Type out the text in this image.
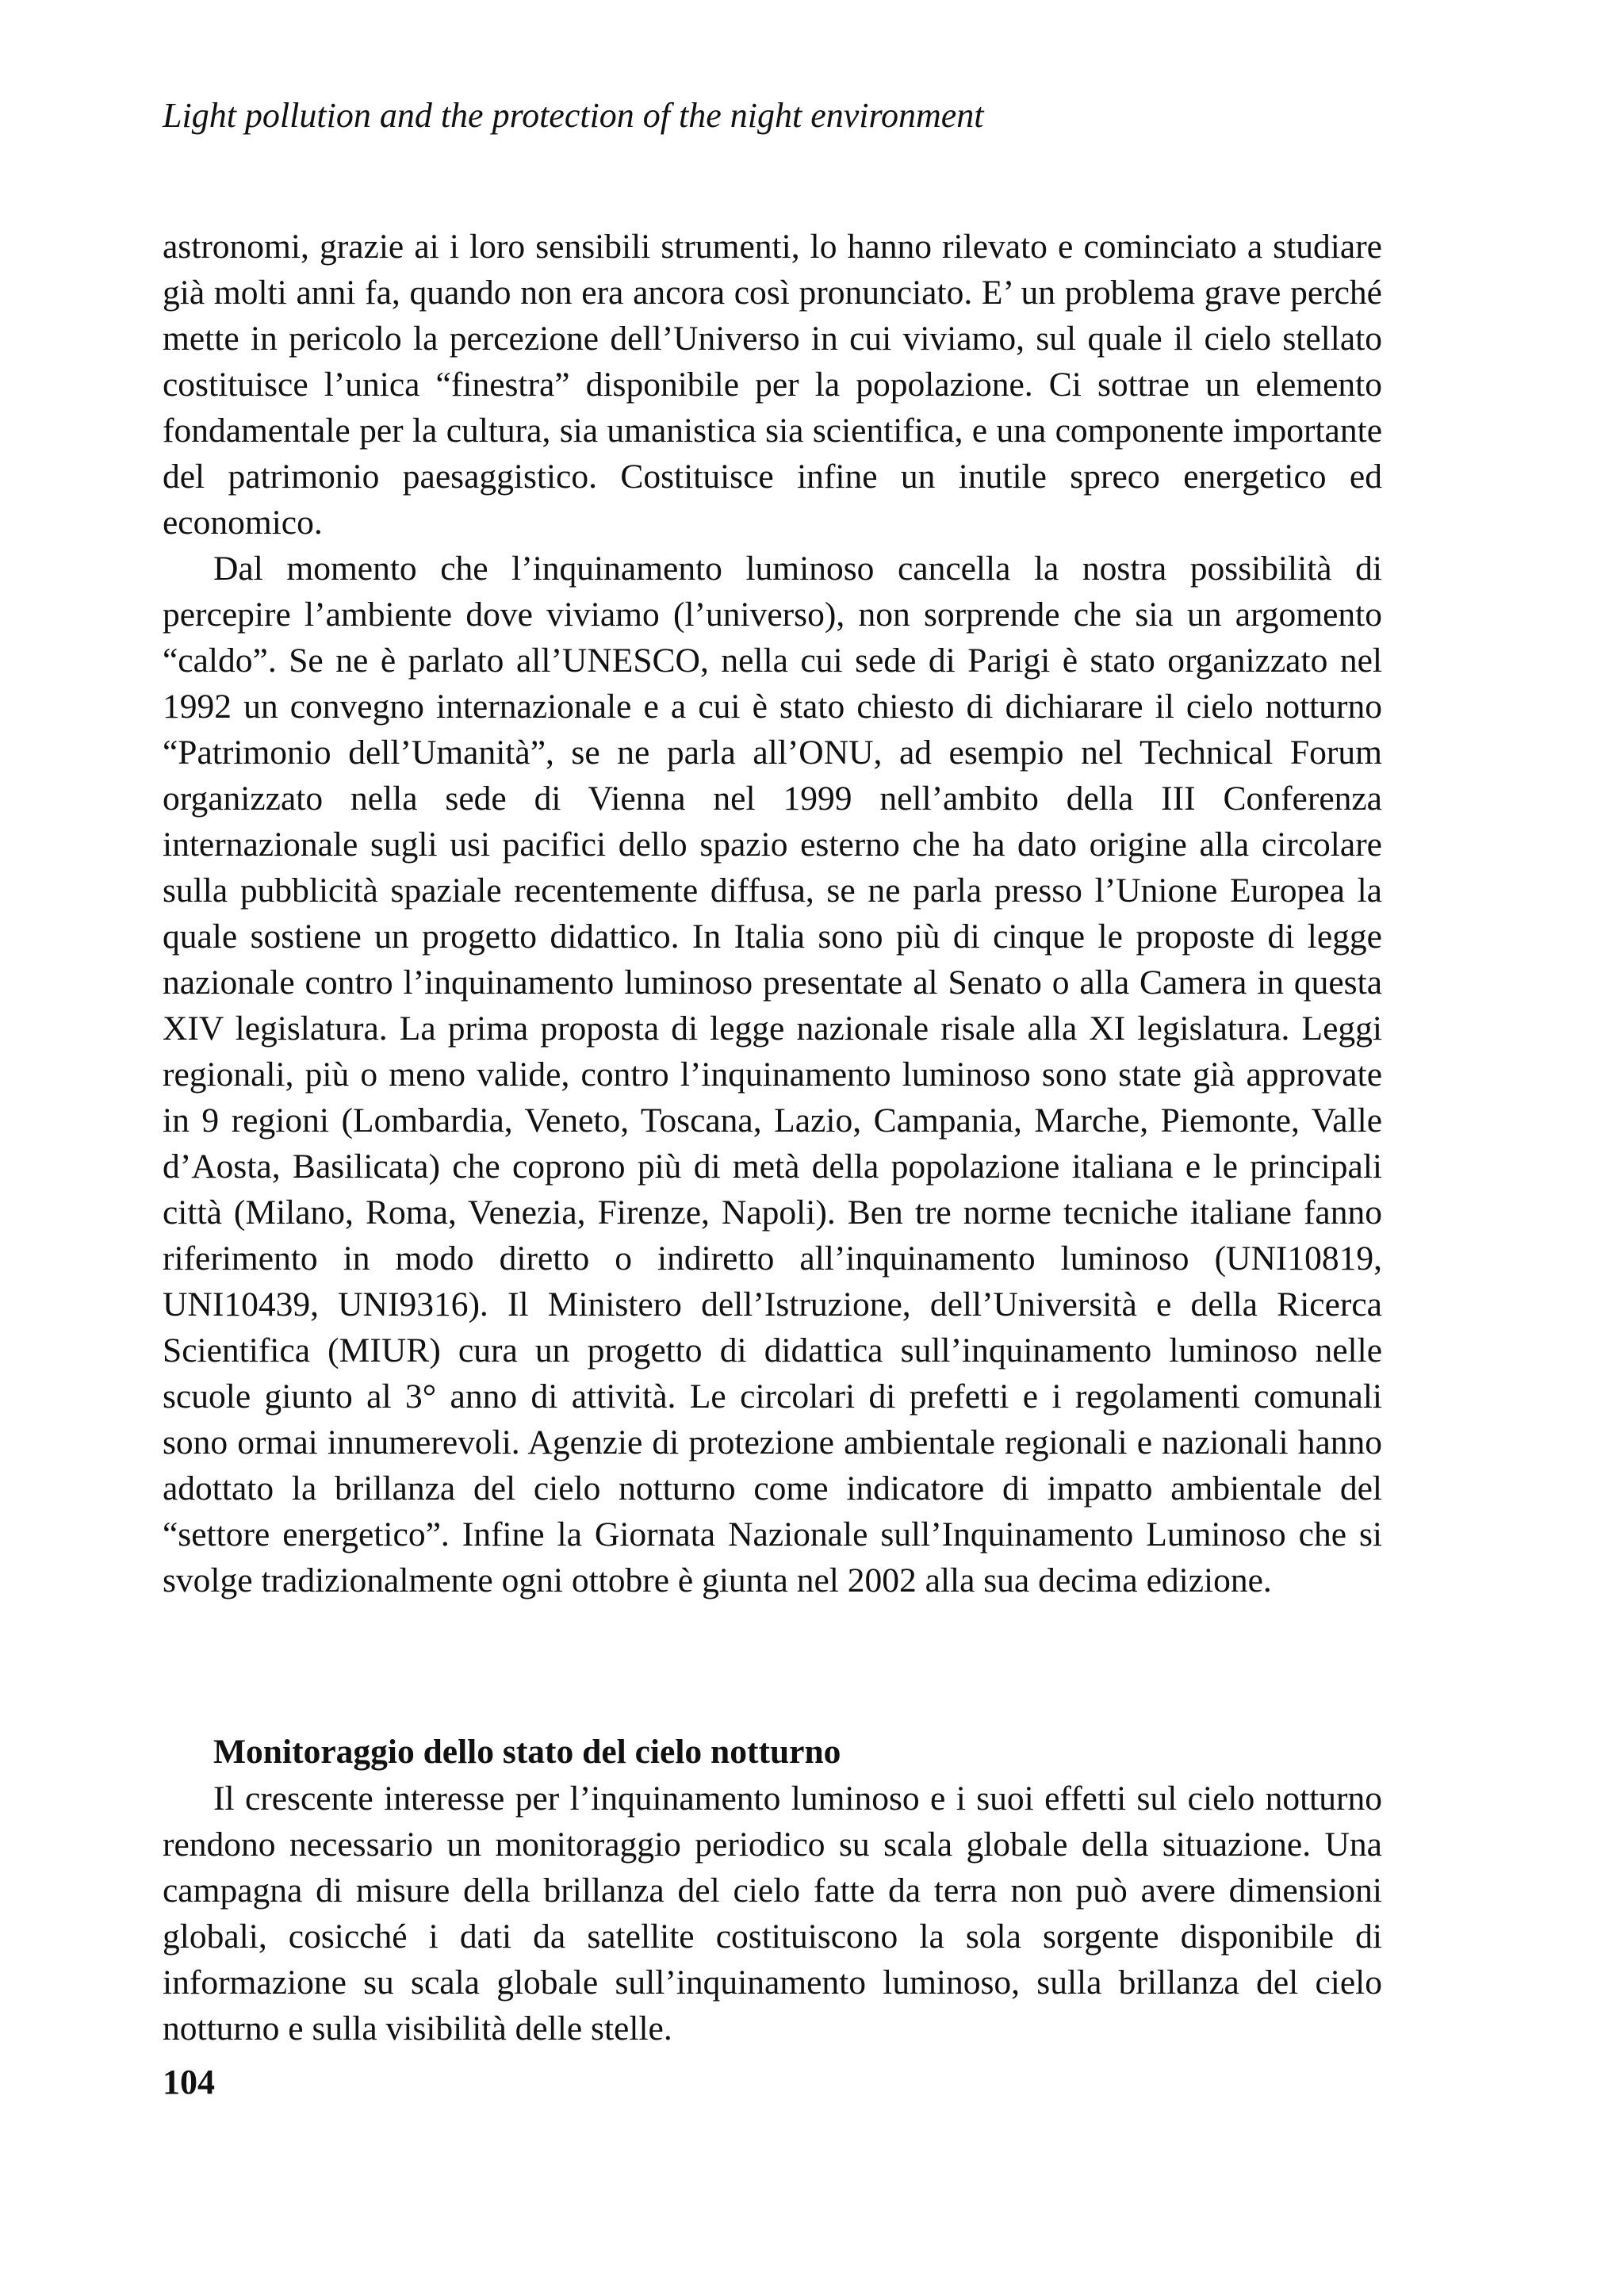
Light pollution and the protection of the night environment

astronomi, grazie ai i loro sensibili strumenti, lo hanno rilevato e cominciato a studiare già molti anni fa, quando non era ancora così pronunciato. E’ un problema grave perché mette in pericolo la percezione dell’Universo in cui viviamo, sul quale il cielo stellato costituisce l’unica “finestra” disponibile per la popolazione. Ci sottrae un elemento fondamentale per la cultura, sia umanistica sia scientifica, e una componente importante del patrimonio paesaggistico. Costituisce infine un inutile spreco energetico ed economico.

Dal momento che l’inquinamento luminoso cancella la nostra possibilità di percepire l’ambiente dove viviamo (l’universo), non sorprende che sia un argomento “caldo”. Se ne è parlato all’UNESCO, nella cui sede di Parigi è stato organizzato nel 1992 un convegno internazionale e a cui è stato chiesto di dichiarare il cielo notturno “Patrimonio dell’Umanità”, se ne parla all’ONU, ad esempio nel Technical Forum organizzato nella sede di Vienna nel 1999 nell’ambito della III Conferenza internazionale sugli usi pacifici dello spazio esterno che ha dato origine alla circolare sulla pubblicità spaziale recentemente diffusa, se ne parla presso l’Unione Europea la quale sostiene un progetto didattico. In Italia sono più di cinque le proposte di legge nazionale contro l’inquinamento luminoso presentate al Senato o alla Camera in questa XIV legislatura. La prima proposta di legge nazionale risale alla XI legislatura. Leggi regionali, più o meno valide, contro l’inquinamento luminoso sono state già approvate in 9 regioni (Lombardia, Veneto, Toscana, Lazio, Campania, Marche, Piemonte, Valle d’Aosta, Basilicata) che coprono più di metà della popolazione italiana e le principali città (Milano, Roma, Venezia, Firenze, Napoli). Ben tre norme tecniche italiane fanno riferimento in modo diretto o indiretto all’inquinamento luminoso (UNI10819, UNI10439, UNI9316). Il Ministero dell’Istruzione, dell’Università e della Ricerca Scientifica (MIUR) cura un progetto di didattica sull’inquinamento luminoso nelle scuole giunto al 3° anno di attività. Le circolari di prefetti e i regolamenti comunali sono ormai innumerevoli. Agenzie di protezione ambientale regionali e nazionali hanno adottato la brillanza del cielo notturno come indicatore di impatto ambientale del “settore energetico”. Infine la Giornata Nazionale sull’Inquinamento Luminoso che si svolge tradizionalmente ogni ottobre è giunta nel 2002 alla sua decima edizione.

Monitoraggio dello stato del cielo notturno

Il crescente interesse per l’inquinamento luminoso e i suoi effetti sul cielo notturno rendono necessario un monitoraggio periodico su scala globale della situazione. Una campagna di misure della brillanza del cielo fatte da terra non può avere dimensioni globali, cosicché i dati da satellite costituiscono la sola sorgente disponibile di informazione su scala globale sull’inquinamento luminoso, sulla brillanza del cielo notturno e sulla visibilità delle stelle.

104
